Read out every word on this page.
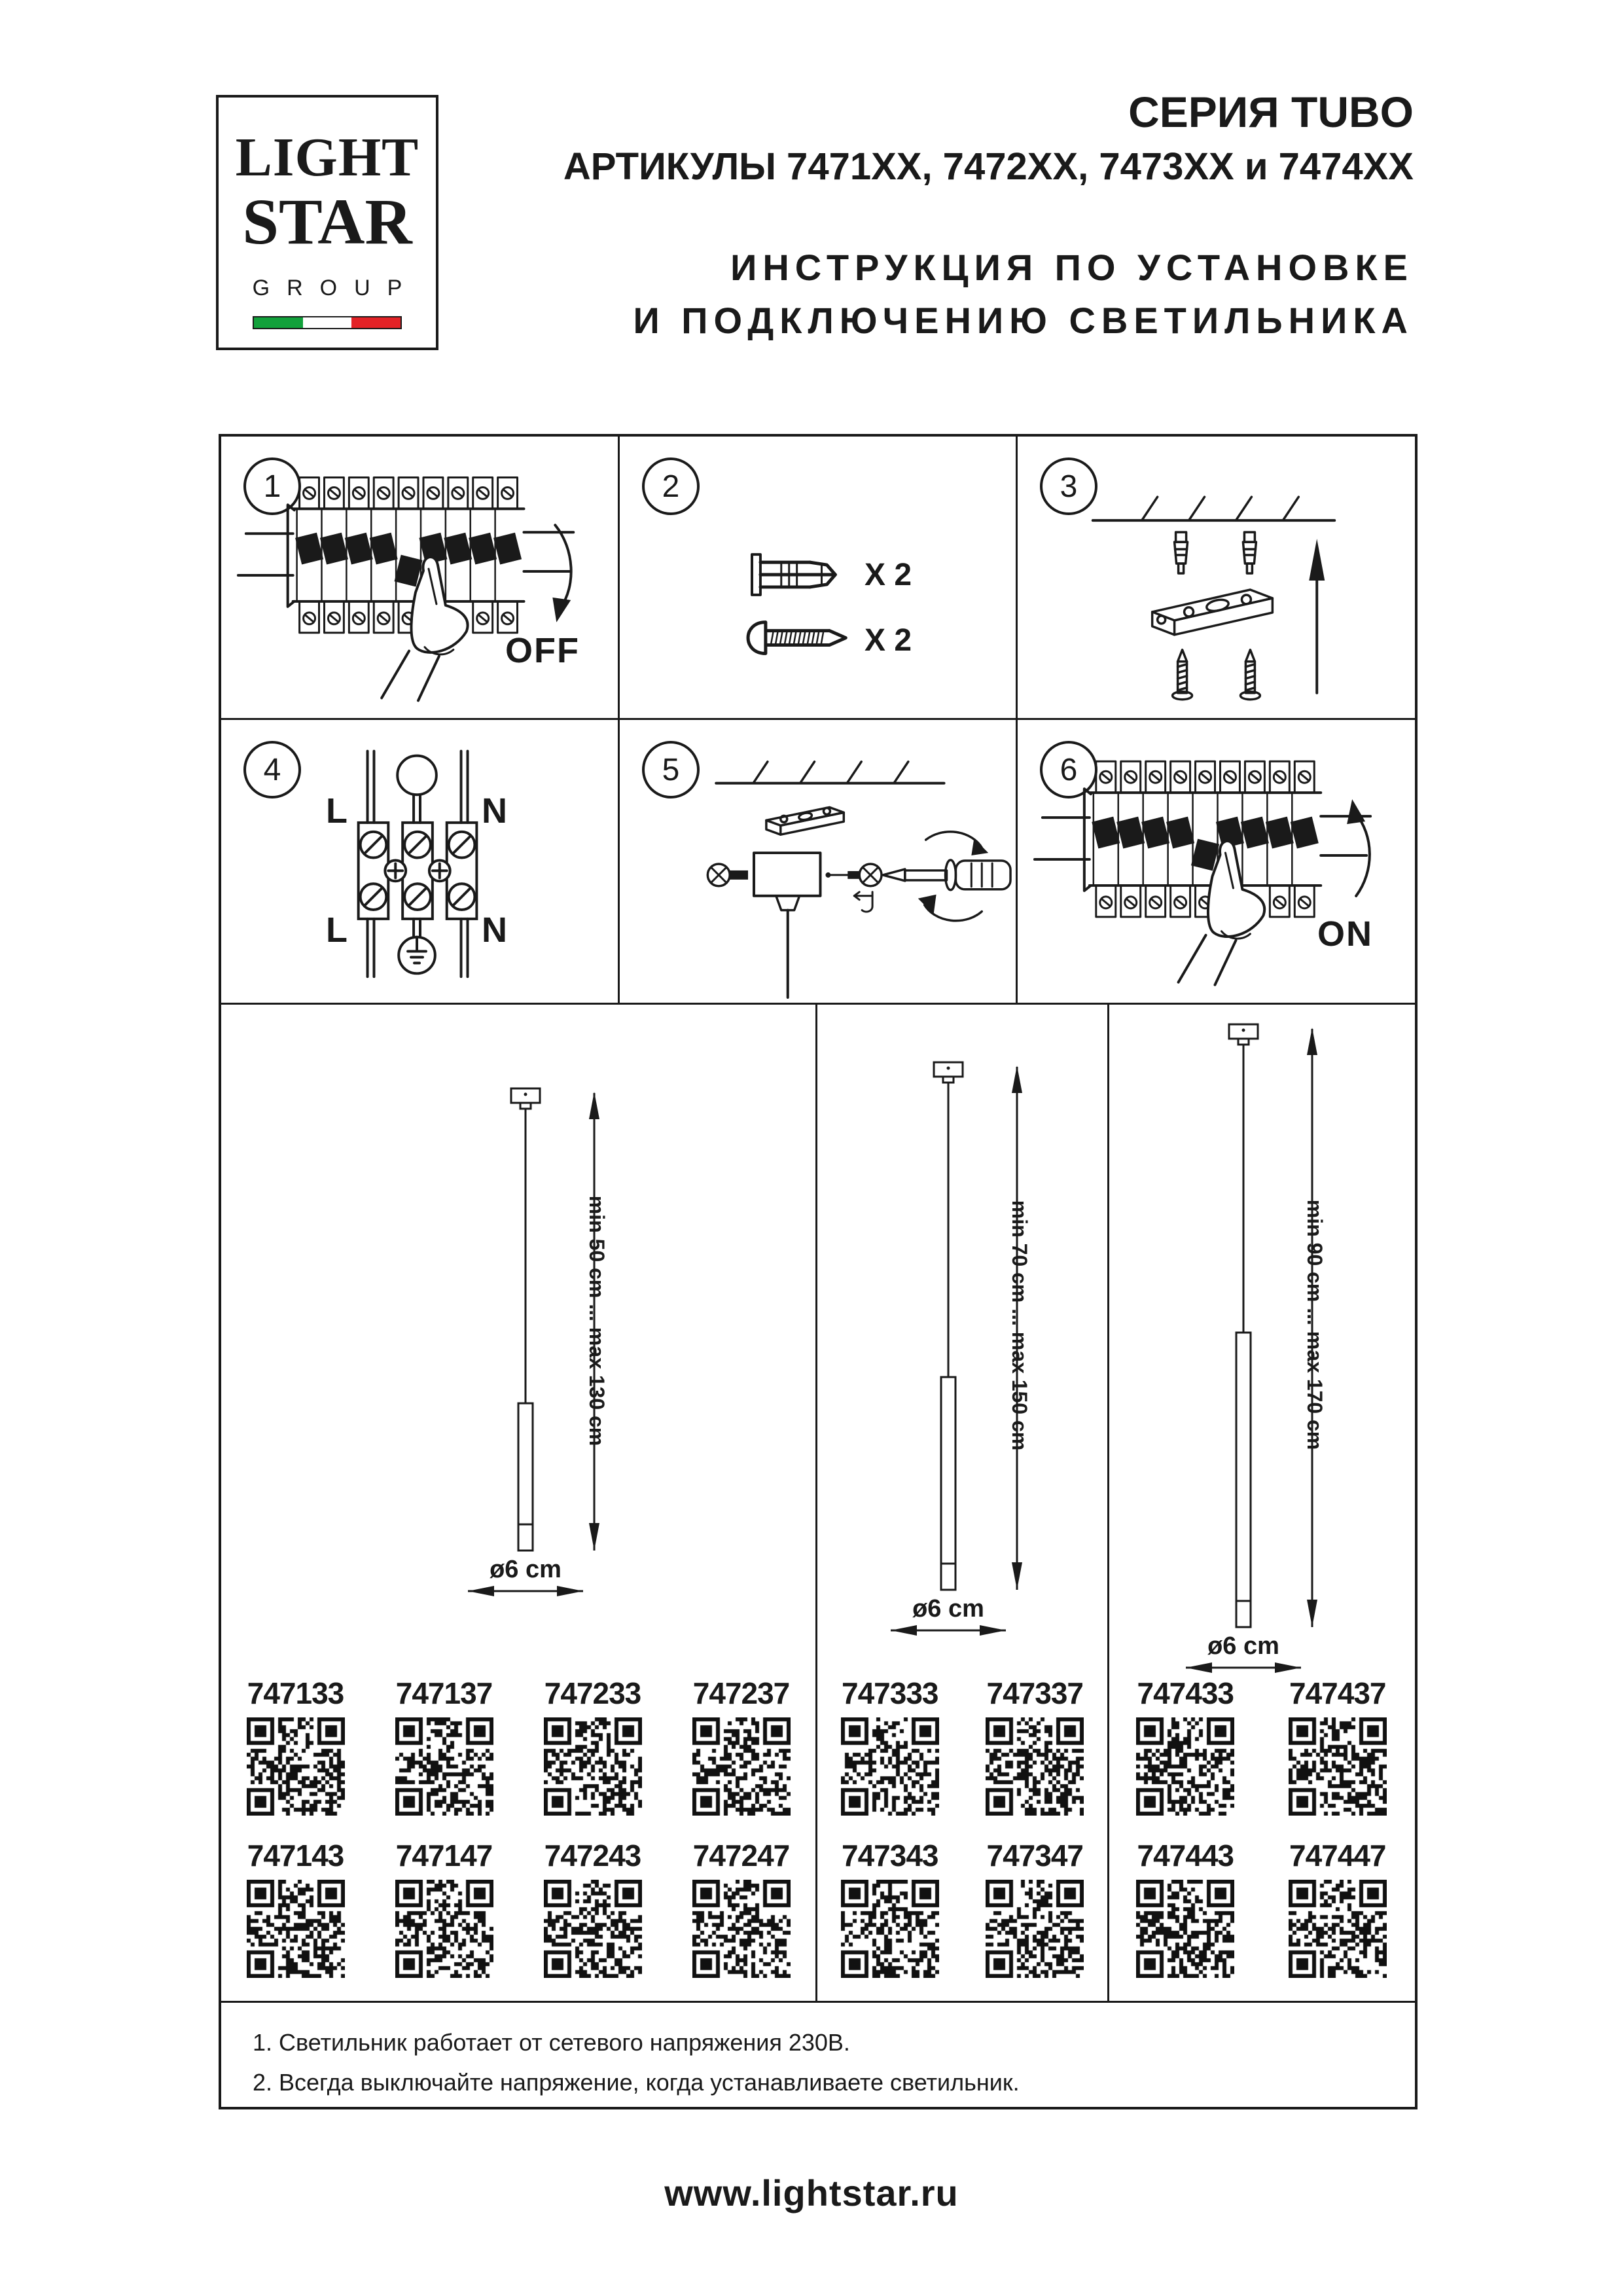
LIGHT
STAR
GROUP
СЕРИЯ TUBO
АРТИКУЛЫ 7471ХХ, 7472ХХ, 7473ХХ и 7474ХХ
ИНСТРУКЦИЯ ПО УСТАНОВКЕ
И ПОДКЛЮЧЕНИЮ СВЕТИЛЬНИКА
1
OFF
2
X 2
X 2
3
4
L	N
L	N
5	6
ON
min 50 cm ... max 130 cm
ø6 cm
747133 747137 747233 747237
747143 747147 747243 747247
min 70 cm ... max 150 cm
ø6 cm
747333 747337
747343 747347
min 90 cm ... max 170 cm
ø6 cm
747433 747437
747443 747447
1. Светильник работает от сетевого напряжения 230В.
2. Всегда выключайте напряжение, когда устанавливаете светильник.
www.lightstar.ru
